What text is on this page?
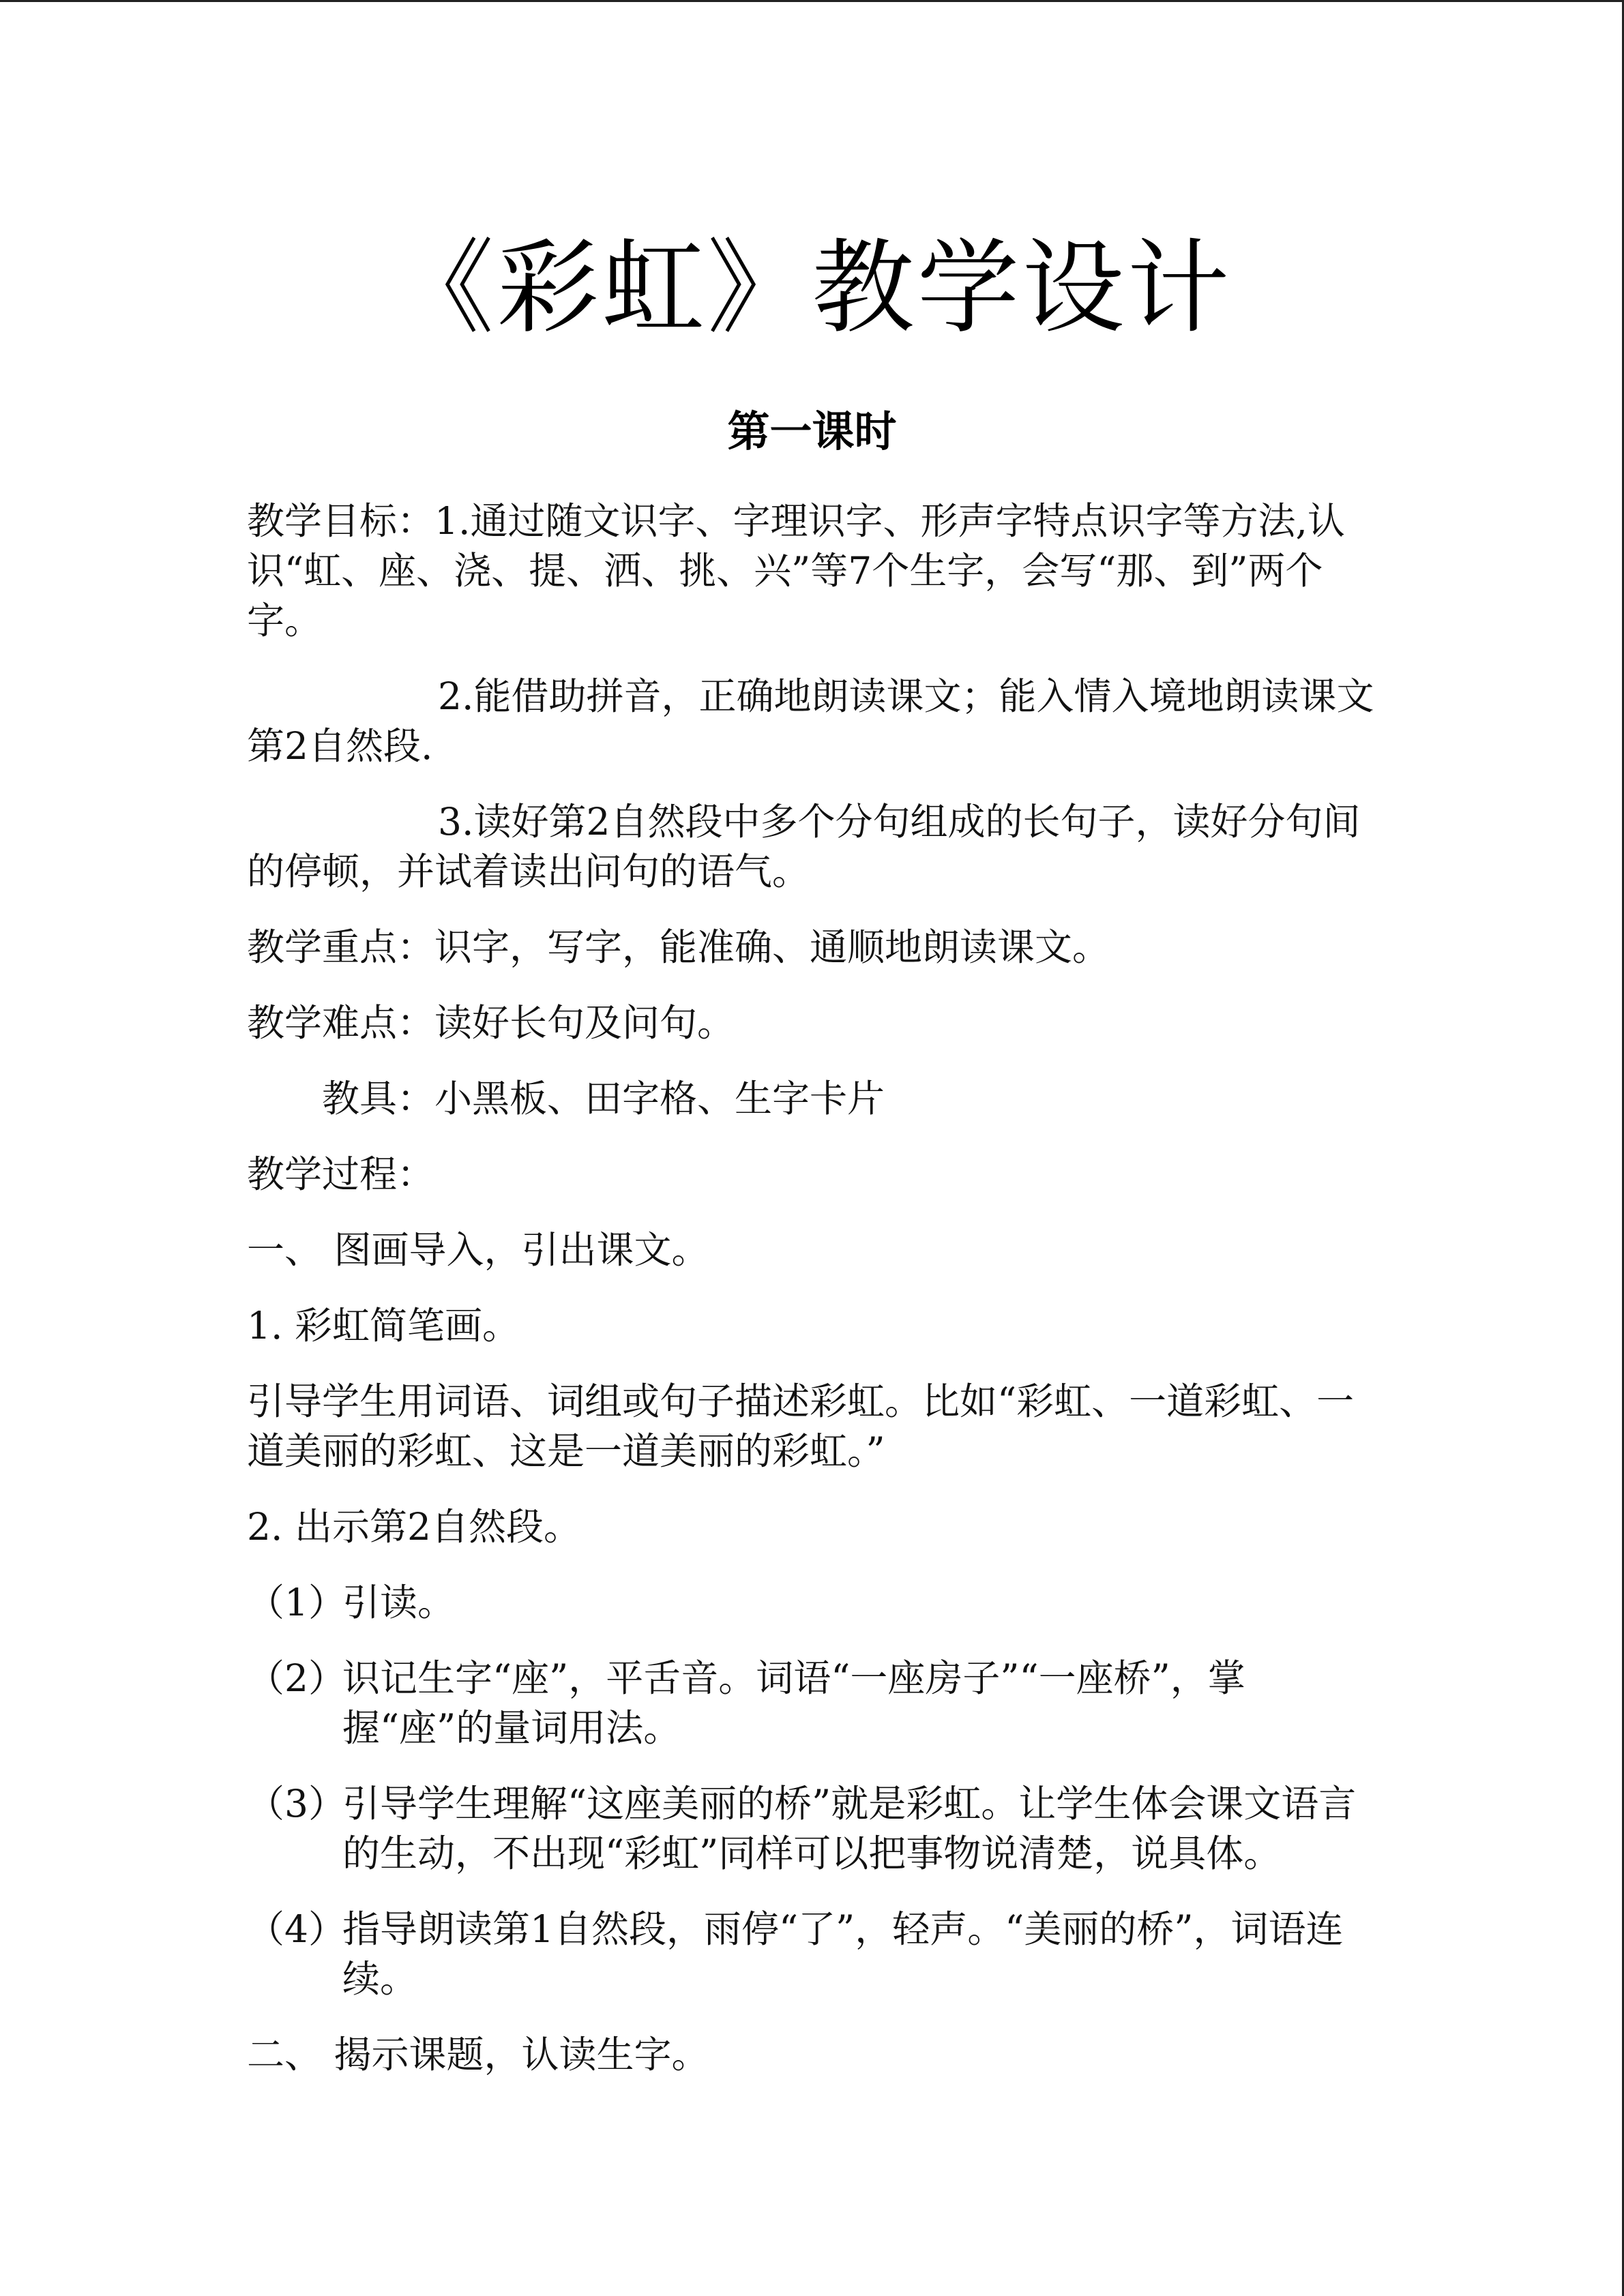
《彩虹》教学设计
第一课时

教学目标：1.通过随文识字、字理识字、形声字特点识字等方法,认识“虹、座、浇、提、洒、挑、兴”等7个生字，会写“那、到”两个字。

2.能借助拼音，正确地朗读课文；能入情入境地朗读课文第2自然段.

3.读好第2自然段中多个分句组成的长句子，读好分句间的停顿，并试着读出问句的语气。

教学重点：识字，写字，能准确、通顺地朗读课文。

教学难点：读好长句及问句。

教具：小黑板、田字格、生字卡片

教学过程：

一、 图画导入，引出课文。

1. 彩虹简笔画。

引导学生用词语、词组或句子描述彩虹。比如“彩虹、一道彩虹、一道美丽的彩虹、这是一道美丽的彩虹。”

2. 出示第2自然段。

（1）引读。

（2）识记生字“座”，平舌音。词语“一座房子”“一座桥”，掌握“座”的量词用法。

（3）引导学生理解“这座美丽的桥”就是彩虹。让学生体会课文语言的生动，不出现“彩虹”同样可以把事物说清楚，说具体。

（4）指导朗读第1自然段，雨停“了”，轻声。“美丽的桥”，词语连续。

二、 揭示课题，认读生字。
